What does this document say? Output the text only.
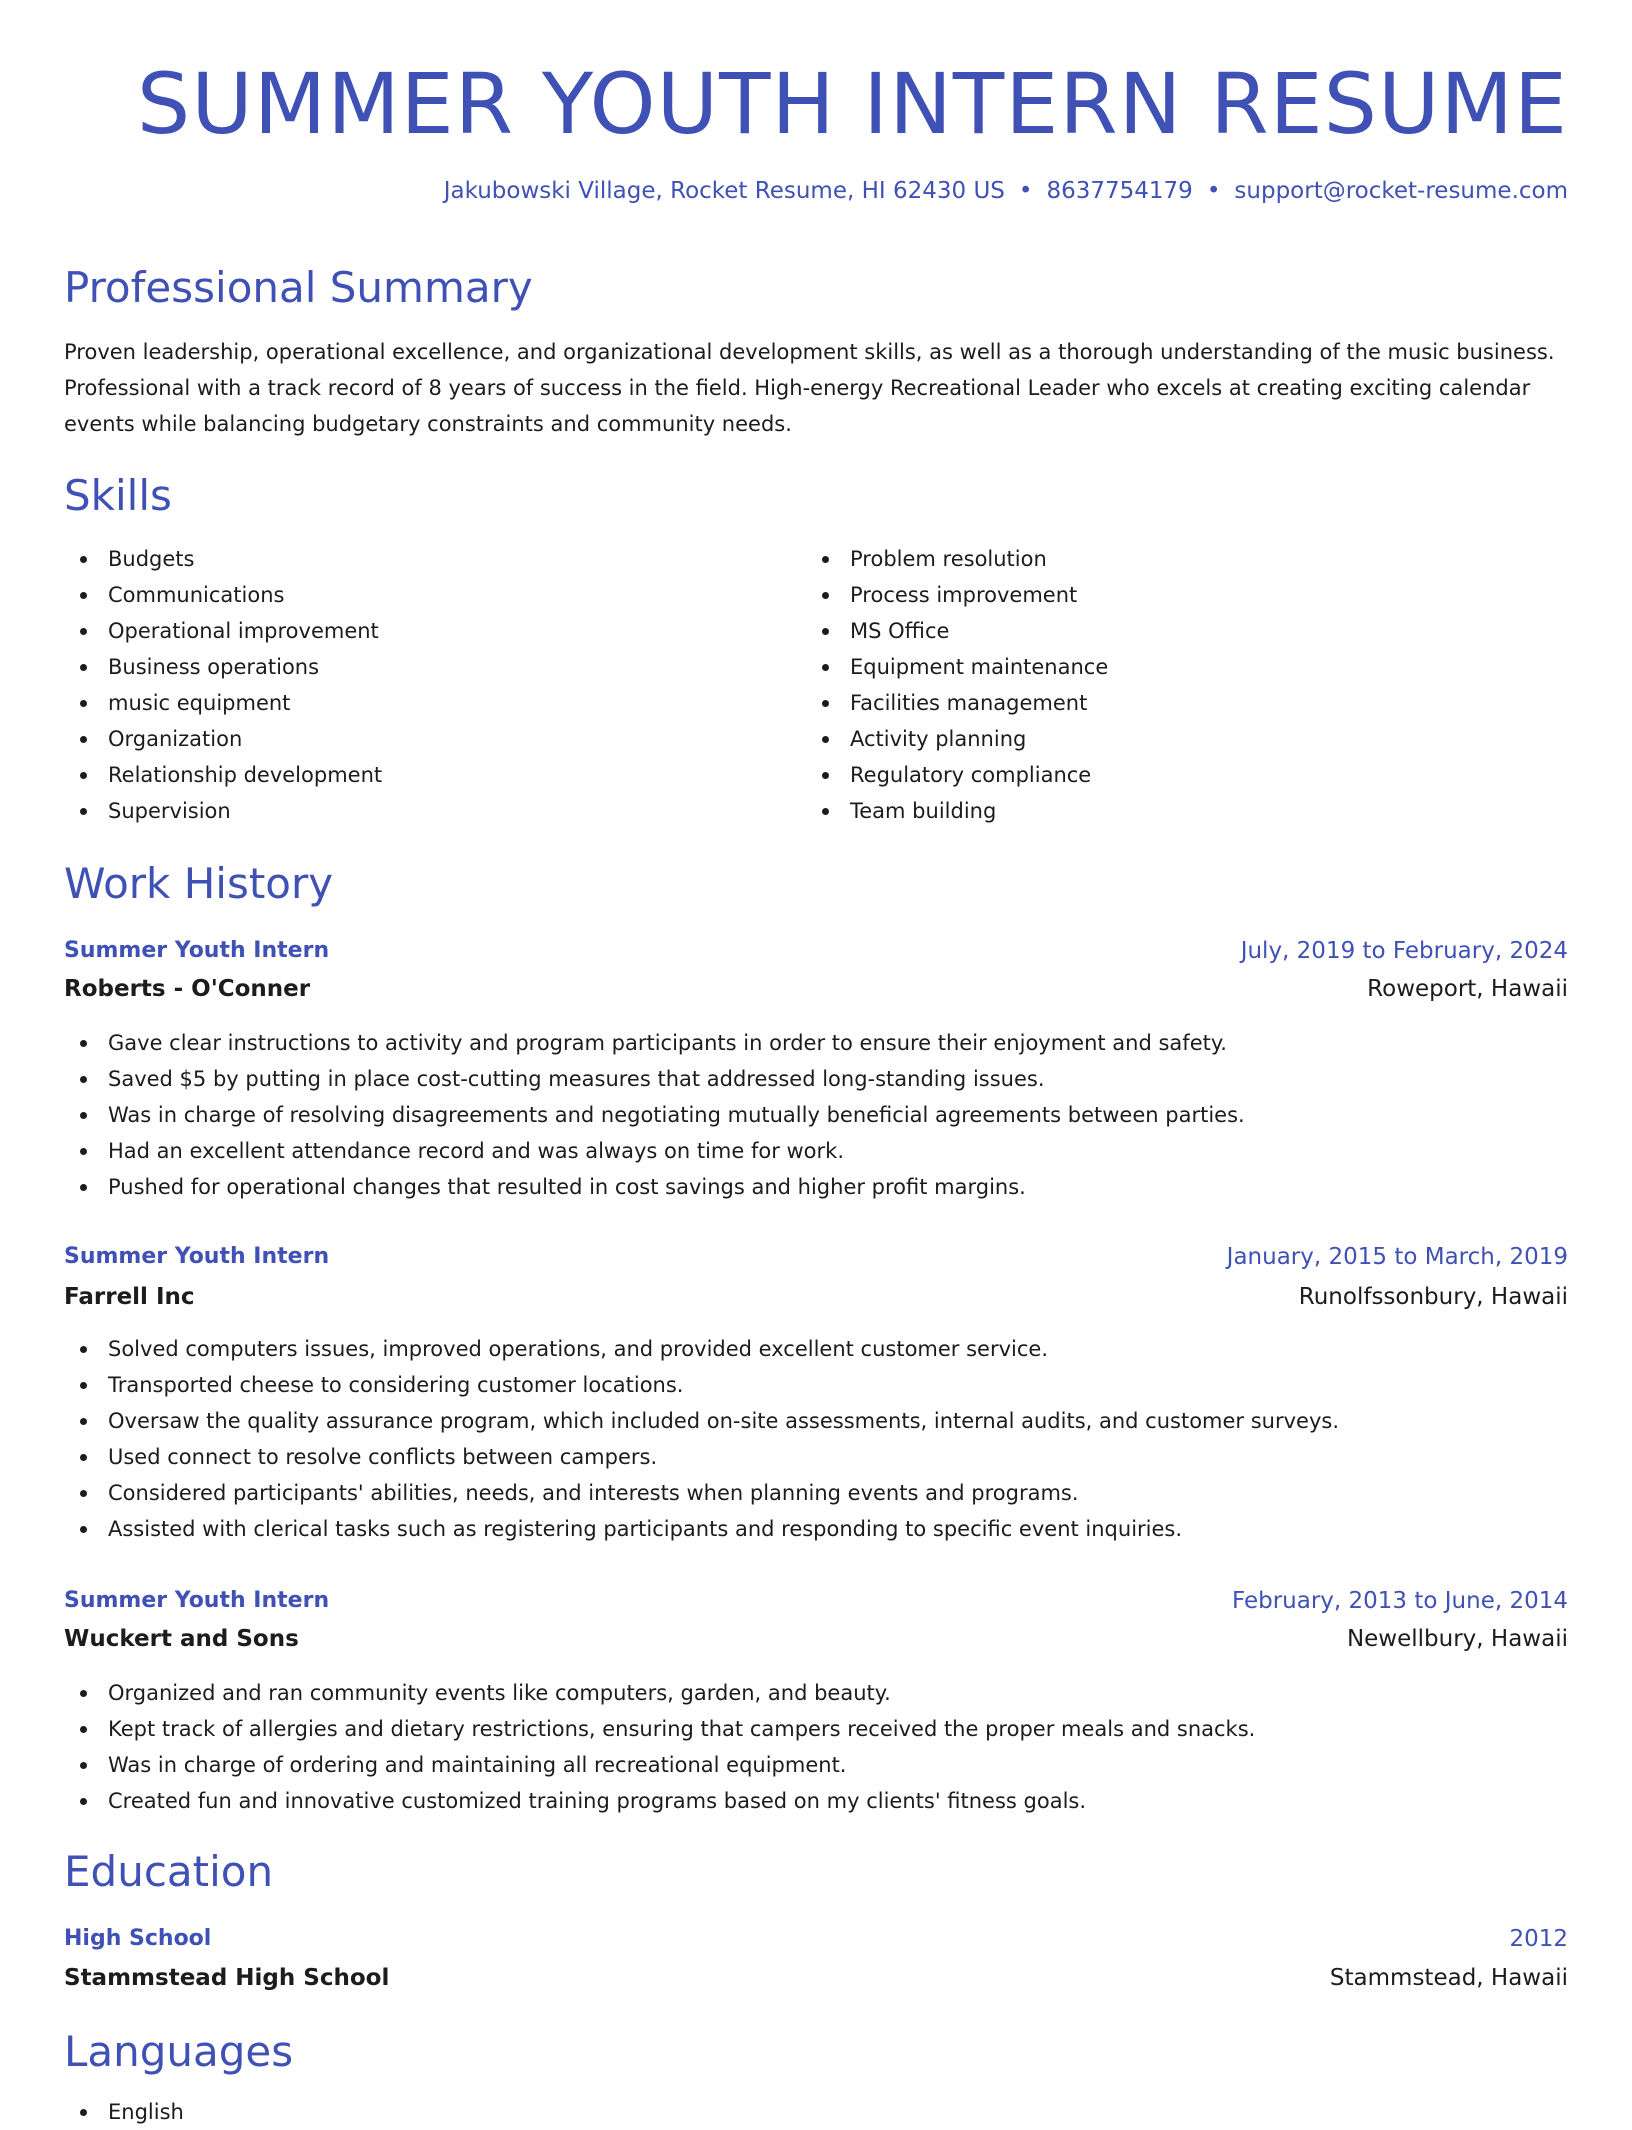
SUMMER YOUTH INTERN RESUME
Jakubowski Village, Rocket Resume, HI 62430 US • 8637754179 • support@rocket-resume.com
Professional Summary

Proven leadership, operational excellence, and organizational development skills, as well as a thorough understanding of the music business. Professional with a track record of 8 years of success in the field. High-energy Recreational Leader who excels at creating exciting calendar events while balancing budgetary constraints and community needs.

Skills
Budgets
Communications
Operational improvement
Business operations
music equipment
Organization
Relationship development
Supervision
Problem resolution
Process improvement
MS Office
Equipment maintenance
Facilities management
Activity planning
Regulatory compliance
Team building
Work History
Summer Youth Intern	July, 2019 to February, 2024
Roberts - O'Conner	Roweport, Hawaii
Gave clear instructions to activity and program participants in order to ensure their enjoyment and safety.
Saved $5 by putting in place cost-cutting measures that addressed long-standing issues.
Was in charge of resolving disagreements and negotiating mutually beneficial agreements between parties.
Had an excellent attendance record and was always on time for work.
Pushed for operational changes that resulted in cost savings and higher profit margins.
Summer Youth Intern	January, 2015 to March, 2019
Farrell Inc	Runolfssonbury, Hawaii
Solved computers issues, improved operations, and provided excellent customer service.
Transported cheese to considering customer locations.
Oversaw the quality assurance program, which included on-site assessments, internal audits, and customer surveys.
Used connect to resolve conflicts between campers.
Considered participants' abilities, needs, and interests when planning events and programs.
Assisted with clerical tasks such as registering participants and responding to specific event inquiries.
Summer Youth Intern	February, 2013 to June, 2014
Wuckert and Sons	Newellbury, Hawaii
Organized and ran community events like computers, garden, and beauty.
Kept track of allergies and dietary restrictions, ensuring that campers received the proper meals and snacks.
Was in charge of ordering and maintaining all recreational equipment.
Created fun and innovative customized training programs based on my clients' fitness goals.
Education
High School	2012
Stammstead High School	Stammstead, Hawaii
Languages
English
